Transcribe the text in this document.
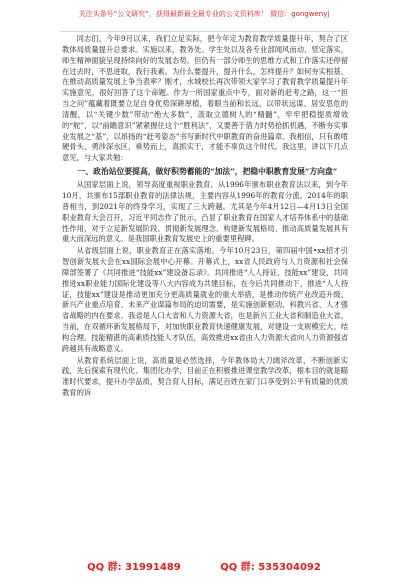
关注头条号“公文研究”，获得最新最全最专业的公文资料库！ 微信：gongwenyj

同志们，今年9月以来，我们立足实际，把今年定为教育教学质量提升年，契合了区教体局质量提升总要求。实施以来，教务处、学生处以及各专业部闻风而动、竖定落实，师生精神面貌呈现持续向好的发展态势。但仍有一部分师生的思维方式和工作落实还停留在过去时，不思进取，我行我素。为什么要提升，提升什么，怎样提升？如何夯实根基、在推动高质量发展上争当表率？刚才，水城校长再次带领大家学习了教育教学质量提升年实施意见，很好回答了这个命题。作为一所国家重点中专，面对新的赶考之路，这一“担当之问”蕴藏着既要立足自身优势深耕厚植，着眼当前和长远，以带状远谋、居安思危的清醒，以“关键少数”带动“绝大多数”，汲取立德树人的“精髓”，牢牢把稳提质增效的“舵”，以“前瞻意识”紧紧握住这个“胜利法”，又要善于借力时势拾抓机遇，不断夯实事业发展之“基”，以昂扬的“赶考姿态”书写新时代中职教育的奋进篇章。我相信，只有敢啃硬骨头、勇涉深水区，乘势而上，真抓实干，才能不辜负这个时代。我这里，讲以下几点意见，与大家共勉：

一、政治站位要提高，做好积势蓄能的“加法”，把稳中职教育发展“方向盘”

从国家层面上说，领导高度重视职业教育。从1996年颁布职业教育法以来，到今年10月，共颁布15部职业教育的法律法规，主要内容从1996年的教育分流。2014年的职普相当，到2021年的终身学习，实现了三大跨越。尤其是今年4月12日—4月13日全国职业教育大会召开，习近平同志作了批示，凸显了职业教育在国家人才培养体系中的基础性作用，对于立足新发展阶段、贯彻新发展理念、构建新发展格局、推动高质量发展具有重大而深远的意义。是我国职业教育发展史上的重要里程碑。

从省级层面上说，职业教育正在落实落地。今年10月23日，第四届中国•xx招才引智创新发展大会在xx国际会展中心开幕。开幕式上，xx省人民政府与人力资源和社会保障部签署了《共同推进“技能xx”建设备忘录》。共同推进“人人持证、技能xx”建设，共同推进xx职业能力国际化建设等八大内容成为共建目标，在今后共同推动下，推进“人人持证，技能xx”建设是推动更加充分更高质量就业的重大举措，是推动传统产业改造升级、新兴产业重点培育、未来产业谋篇布局的迫切需要，是实施创新驱动、科教兴省、人才强省战略的内在要求。我省是人口大省和人力资源大省，也是新兴工业大省和制造业大省，当前，在双循环新发展格局下，对加快职业教育快速健康发展，对建设一支规模宏大、结构合理、技能精湛的高素质技能人才队伍，高效推进xx省由人力资源大省向人力资源强省跨越具有战略意义。

从教育系统层面上说，高质量是必然选择，今年教体局大刀阔斧改革，不断创新实践，先后探索有现代化、集团化办学，目前正在积极推进课堂教学改革，根本目的就是瞄准时代要求，提升办学品质，契合育人目标，满足百姓在家门口享受到公平有质量的优质教育的诉

QQ 群: 31991489	QQ 群: 535304092
